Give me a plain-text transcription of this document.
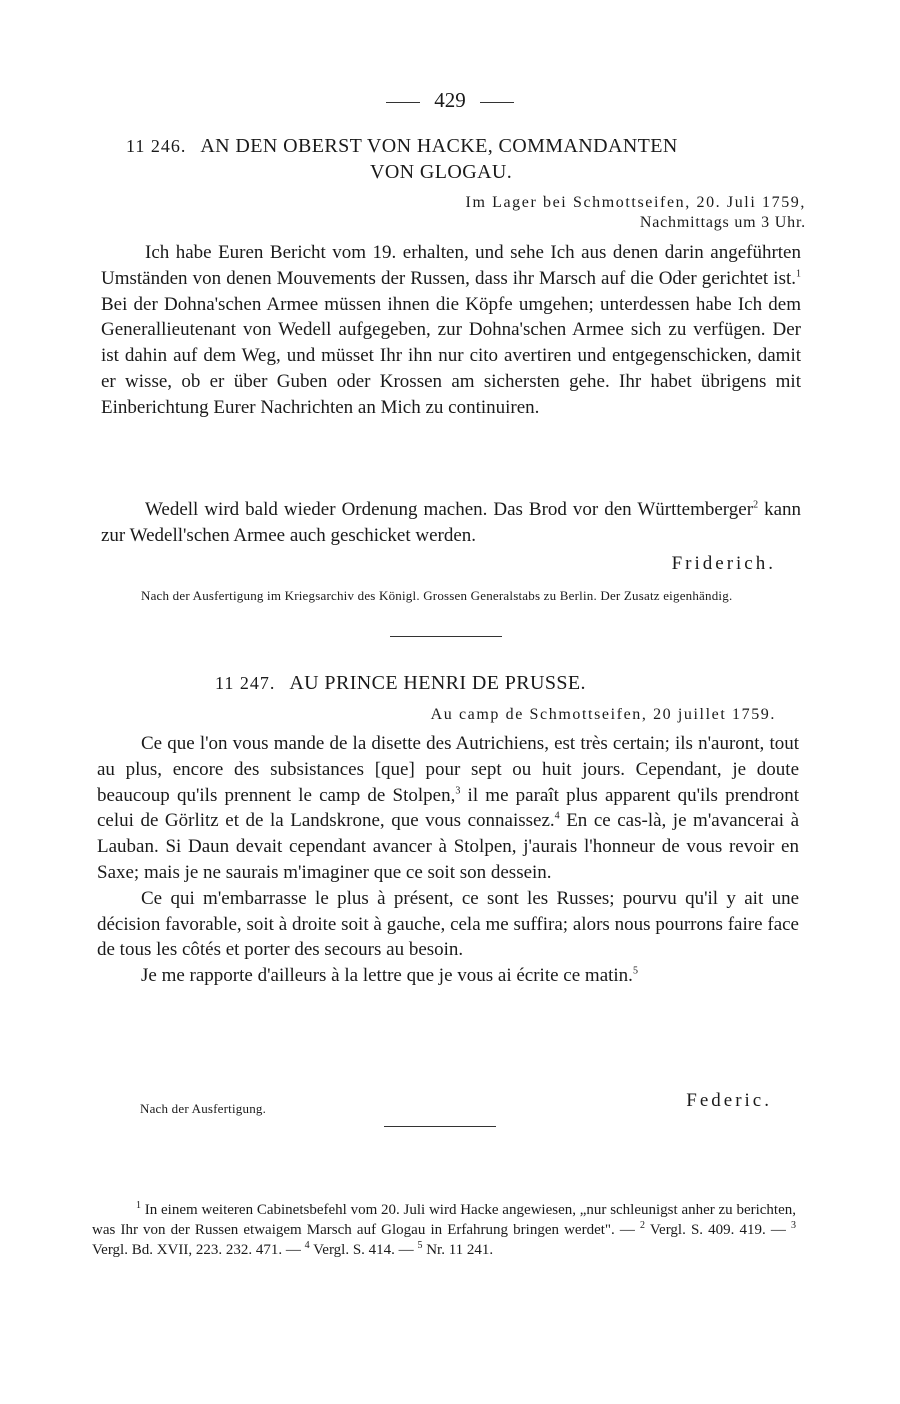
429
11 246. AN DEN OBERST VON HACKE, COMMANDANTEN
VON GLOGAU.
Im Lager bei Schmottseifen, 20. Juli 1759,
Nachmittags um 3 Uhr.

Ich habe Euren Bericht vom 19. erhalten, und sehe Ich aus denen darin angeführten Umständen von denen Mouvements der Russen, dass ihr Marsch auf die Oder gerichtet ist.$^1$ Bei der Dohna'schen Armee müssen ihnen die Köpfe umgehen; unterdessen habe Ich dem Generallieutenant von Wedell aufgegeben, zur Dohna'schen Armee sich zu verfügen. Der ist dahin auf dem Weg, und müsset Ihr ihn nur cito avertiren und entgegenschicken, damit er wisse, ob er über Guben oder Krossen am sichersten gehe. Ihr habet übrigens mit Einberichtung Eurer Nachrichten an Mich zu continuiren.

Wedell wird bald wieder Ordenung machen. Das Brod vor den Württemberger$^2$ kann zur Wedell'schen Armee auch geschicket werden.

Friderich.
Nach der Ausfertigung im Kriegsarchiv des Königl. Grossen Generalstabs zu Berlin. Der Zusatz eigenhändig.
11 247. AU PRINCE HENRI DE PRUSSE.
Au camp de Schmottseifen, 20 juillet 1759.

Ce que l'on vous mande de la disette des Autrichiens, est très certain; ils n'auront, tout au plus, encore des subsistances [que] pour sept ou huit jours. Cependant, je doute beaucoup qu'ils prennent le camp de Stolpen,$^3$ il me paraît plus apparent qu'ils prendront celui de Görlitz et de la Landskrone, que vous connaissez.$^4$ En ce cas-là, je m'avancerai à Lauban. Si Daun devait cependant avancer à Stolpen, j'aurais l'honneur de vous revoir en Saxe; mais je ne saurais m'imaginer que ce soit son dessein.

Ce qui m'embarrasse le plus à présent, ce sont les Russes; pourvu qu'il y ait une décision favorable, soit à droite soit à gauche, cela me suffira; alors nous pourrons faire face de tous les côtés et porter des secours au besoin.

Je me rapporte d'ailleurs à la lettre que je vous ai écrite ce matin.$^5$

Nach der Ausfertigung.	Federic.

$^1$ In einem weiteren Cabinetsbefehl vom 20. Juli wird Hacke angewiesen, „nur schleunigst anher zu berichten, was Ihr von der Russen etwaigem Marsch auf Glogau in Erfahrung bringen werdet". — $^2$ Vergl. S. 409. 419. — $^3$ Vergl. Bd. XVII, 223. 232. 471. — $^4$ Vergl. S. 414. — $^5$ Nr. 11 241.
